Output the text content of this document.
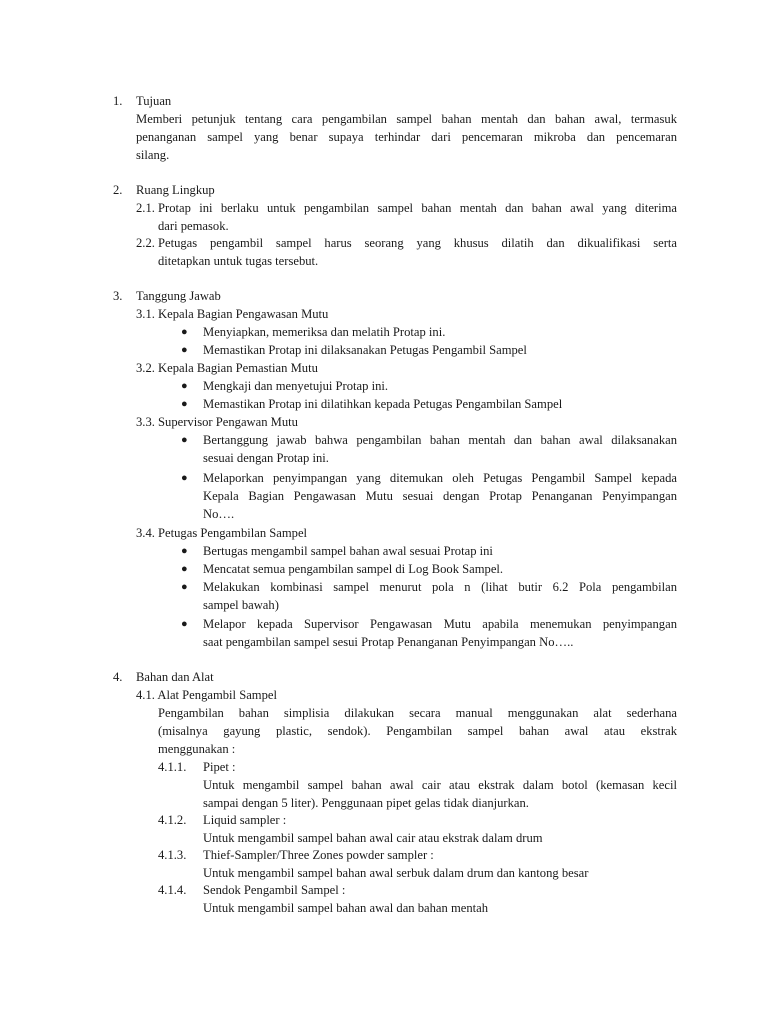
1. Tujuan
Memberi petunjuk tentang cara pengambilan sampel bahan mentah dan bahan awal, termasuk
penanganan sampel yang benar supaya terhindar dari pencemaran mikroba dan pencemaran
silang.
2. Ruang Lingkup
2.1. Protap ini berlaku untuk pengambilan sampel bahan mentah dan bahan awal yang diterima
dari pemasok.
2.2. Petugas pengambil sampel harus seorang yang khusus dilatih dan dikualifikasi serta
ditetapkan untuk tugas tersebut.
3. Tanggung Jawab
3.1. Kepala Bagian Pengawasan Mutu
● Menyiapkan, memeriksa dan melatih Protap ini.
● Memastikan Protap ini dilaksanakan Petugas Pengambil Sampel
3.2. Kepala Bagian Pemastian Mutu
● Mengkaji dan menyetujui Protap ini.
● Memastikan Protap ini dilatihkan kepada Petugas Pengambilan Sampel
3.3. Supervisor Pengawan Mutu
● Bertanggung jawab bahwa pengambilan bahan mentah dan bahan awal dilaksanakan
sesuai dengan Protap ini.
● Melaporkan penyimpangan yang ditemukan oleh Petugas Pengambil Sampel kepada
Kepala Bagian Pengawasan Mutu sesuai dengan Protap Penanganan Penyimpangan
No….
3.4. Petugas Pengambilan Sampel
● Bertugas mengambil sampel bahan awal sesuai Protap ini
● Mencatat semua pengambilan sampel di Log Book Sampel.
● Melakukan kombinasi sampel menurut pola n (lihat butir 6.2 Pola pengambilan
sampel bawah)
● Melapor kepada Supervisor Pengawasan Mutu apabila menemukan penyimpangan
saat pengambilan sampel sesui Protap Penanganan Penyimpangan No…..
4. Bahan dan Alat
4.1. Alat Pengambil Sampel
Pengambilan bahan simplisia dilakukan secara manual menggunakan alat sederhana
(misalnya gayung plastic, sendok). Pengambilan sampel bahan awal atau ekstrak
menggunakan :
4.1.1. Pipet :
Untuk mengambil sampel bahan awal cair atau ekstrak dalam botol (kemasan kecil
sampai dengan 5 liter). Penggunaan pipet gelas tidak dianjurkan.
4.1.2. Liquid sampler :
Untuk mengambil sampel bahan awal cair atau ekstrak dalam drum
4.1.3. Thief-Sampler/Three Zones powder sampler :
Untuk mengambil sampel bahan awal serbuk dalam drum dan kantong besar
4.1.4. Sendok Pengambil Sampel :
Untuk mengambil sampel bahan awal dan bahan mentah
